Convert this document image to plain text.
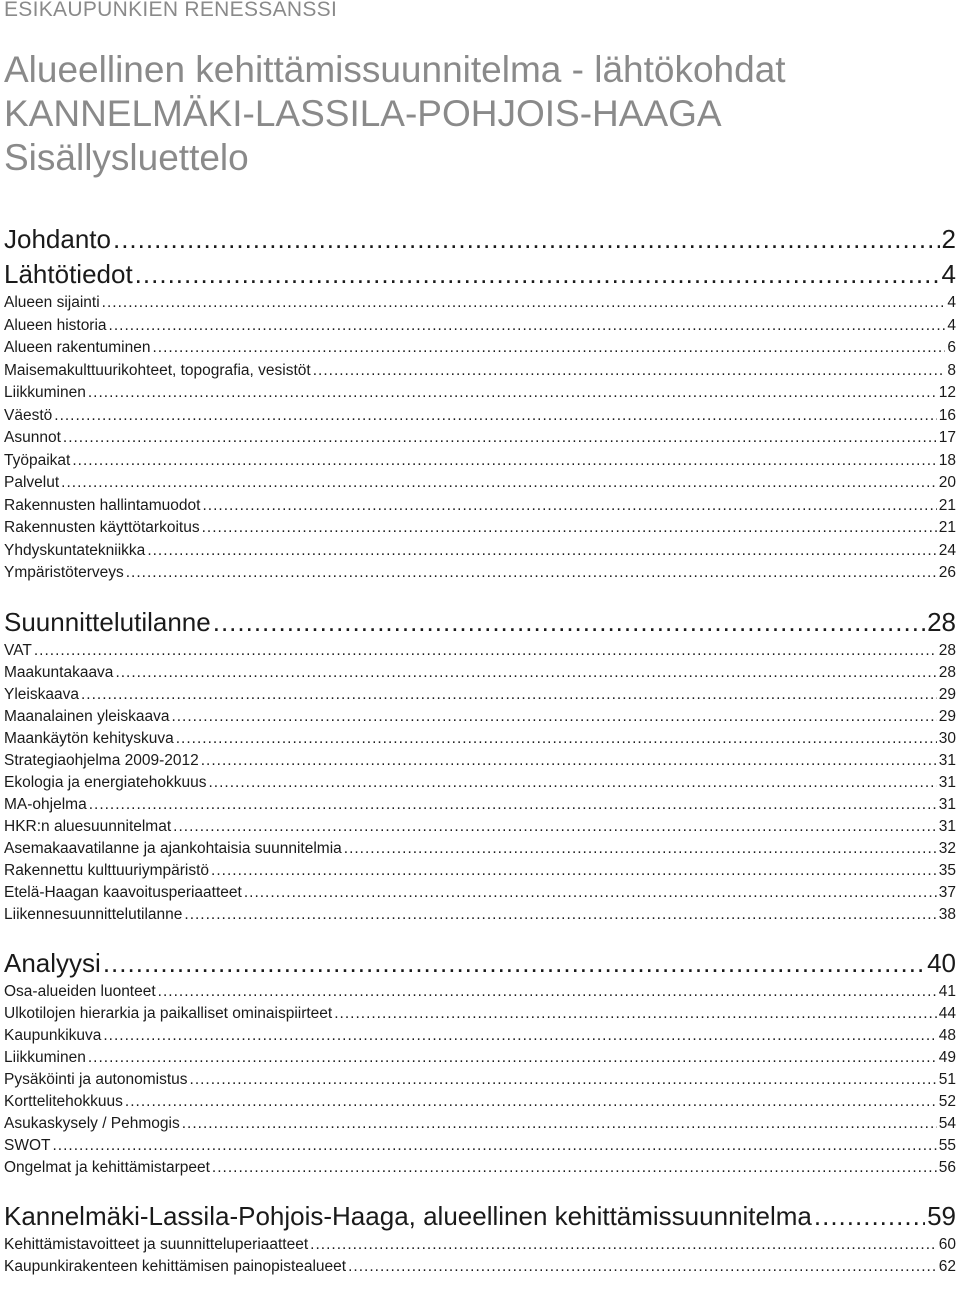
ESIKAUPUNKIEN RENESSANSSI
Alueellinen kehittämissuunnitelma - lähtökohdat
KANNELMÄKI-LASSILA-POHJOIS-HAAGA
Sisällysluettelo
Johdanto .....	2
Lähtötiedot .....	4
Alueen sijainti .....	4
Alueen historia .....	4
Alueen rakentuminen .....	6
Maisemakulttuurikohteet, topografia, vesistöt .....	8
Liikkuminen .....	12
Väestö .....	16
Asunnot .....	17
Työpaikat .....	18
Palvelut .....	20
Rakennusten hallintamuodot .....	21
Rakennusten käyttötarkoitus .....	21
Yhdyskuntatekniikka .....	24
Ympäristöterveys .....	26
Suunnittelutilanne .....	28
VAT .....	28
Maakuntakaava .....	28
Yleiskaava .....	29
Maanalainen yleiskaava .....	29
Maankäytön kehityskuva .....	30
Strategiaohjelma 2009-2012 .....	31
Ekologia ja energiatehokkuus .....	31
MA-ohjelma .....	31
HKR:n aluesuunnitelmat .....	31
Asemakaavatilanne ja ajankohtaisia suunnitelmia .....	32
Rakennettu kulttuuriympäristö .....	35
Etelä-Haagan kaavoitusperiaatteet .....	37
Liikennesuunnittelutilanne .....	38
Analyysi .....	40
Osa-alueiden luonteet .....	41
Ulkotilojen hierarkia ja paikalliset ominaispiirteet .....	44
Kaupunkikuva .....	48
Liikkuminen .....	49
Pysäköinti ja autonomistus .....	51
Korttelitehokkuus .....	52
Asukaskysely / Pehmogis .....	54
SWOT .....	55
Ongelmat ja kehittämistarpeet .....	56
Kannelmäki-Lassila-Pohjois-Haaga, alueellinen kehittämissuunnitelma .....	59
Kehittämistavoitteet ja suunnitteluperiaatteet .....	60
Kaupunkirakenteen kehittämisen painopistealueet .....	62
